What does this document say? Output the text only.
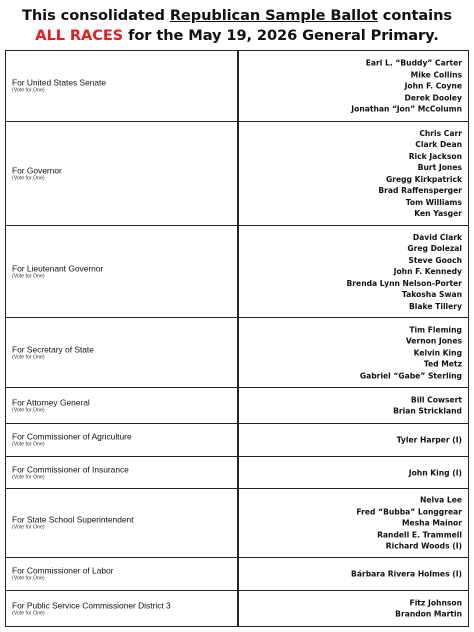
This consolidated Republican Sample Ballot contains
ALL RACES for the May 19, 2026 General Primary.
For United States Senate
(Vote for One)
Earl L. “Buddy” Carter
Mike Collins
John F. Coyne
Derek Dooley
Jonathan “Jon” McColumn
For Governor
(Vote for One)
Chris Carr
Clark Dean
Rick Jackson
Burt Jones
Gregg Kirkpatrick
Brad Raffensperger
Tom Williams
Ken Yasger
For Lieutenant Governor
(Vote for One)
David Clark
Greg Dolezal
Steve Gooch
John F. Kennedy
Brenda Lynn Nelson-Porter
Takosha Swan
Blake Tillery
For Secretary of State
(Vote for One)
Tim Fleming
Vernon Jones
Kelvin King
Ted Metz
Gabriel “Gabe” Sterling
For Attorney General
(Vote for One)
Bill Cowsert
Brian Strickland
For Commissioner of Agriculture
(Vote for One)
Tyler Harper (I)
For Commissioner of Insurance
(Vote for One)
John King (I)
For State School Superintendent
(Vote for One)
Nelva Lee
Fred “Bubba” Longgrear
Mesha Mainor
Randell E. Trammell
Richard Woods (I)
For Commissioner of Labor
(Vote for One)
Bárbara Rivera Holmes (I)
For Public Service Commissioner District 3
(Vote for One)
Fitz Johnson
Brandon Martin
